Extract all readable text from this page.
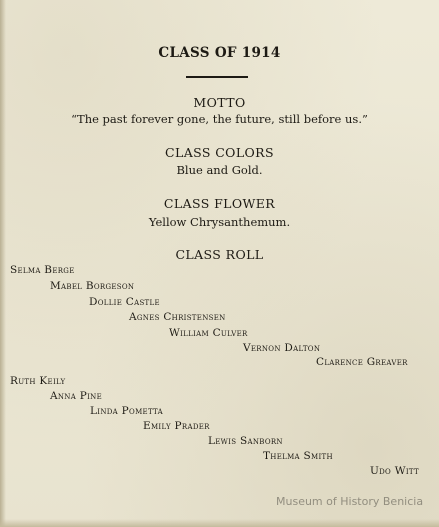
CLASS OF 1914
MOTTO
“The past forever gone, the future, still before us.”
CLASS COLORS
Blue and Gold.
CLASS FLOWER
Yellow Chrysanthemum.
CLASS ROLL
Selma Berge
Mabel Borgeson
Dollie Castle
Agnes Christensen
William Culver
Vernon Dalton
Clarence Greaver
Ruth Keily
Anna Pine
Linda Pometta
Emily Prader
Lewis Sanborn
Thelma Smith
Udo Witt
Museum of History Benicia
